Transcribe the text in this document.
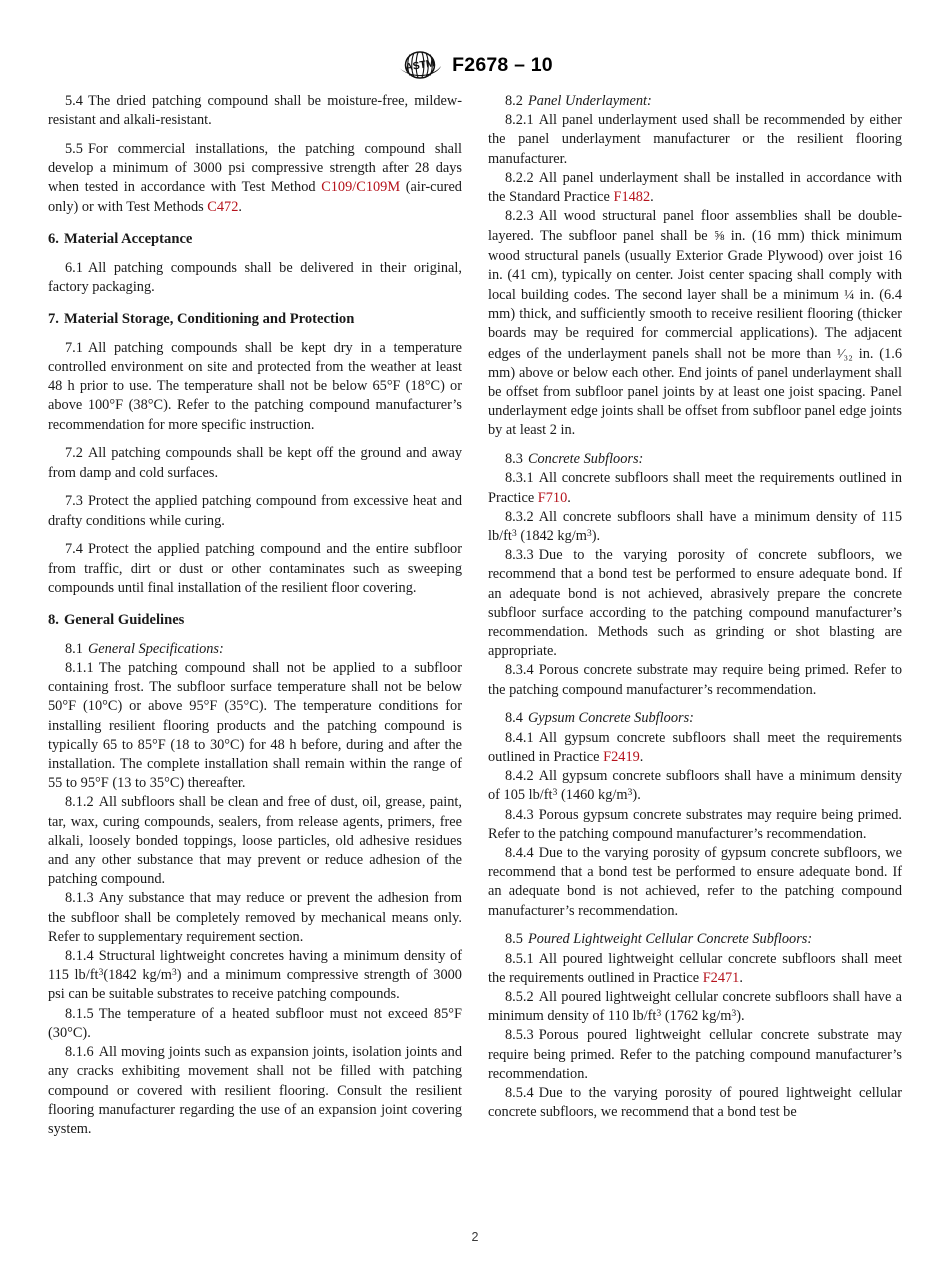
ASTM F2678 – 10

5.4 The dried patching compound shall be moisture-free, mildew-resistant and alkali-resistant.

5.5 For commercial installations, the patching compound shall develop a minimum of 3000 psi compressive strength after 28 days when tested in accordance with Test Method C109/C109M (air-cured only) or with Test Methods C472.

6. Material Acceptance

6.1 All patching compounds shall be delivered in their original, factory packaging.

7. Material Storage, Conditioning and Protection

7.1 All patching compounds shall be kept dry in a temperature controlled environment on site and protected from the weather at least 48 h prior to use. The temperature shall not be below 65°F (18°C) or above 100°F (38°C). Refer to the patching compound manufacturer’s recommendation for more specific instruction.

7.2 All patching compounds shall be kept off the ground and away from damp and cold surfaces.

7.3 Protect the applied patching compound from excessive heat and drafty conditions while curing.

7.4 Protect the applied patching compound and the entire subfloor from traffic, dirt or dust or other contaminates such as sweeping compounds until final installation of the resilient floor covering.

8. General Guidelines

8.1 General Specifications:

8.1.1 The patching compound shall not be applied to a subfloor containing frost. The subfloor surface temperature shall not be below 50°F (10°C) or above 95°F (35°C). The temperature conditions for installing resilient flooring products and the patching compound is typically 65 to 85°F (18 to 30°C) for 48 h before, during and after the installation. The complete installation shall remain within the range of 55 to 95°F (13 to 35°C) thereafter.

8.1.2 All subfloors shall be clean and free of dust, oil, grease, paint, tar, wax, curing compounds, sealers, from release agents, primers, free alkali, loosely bonded toppings, loose particles, old adhesive residues and any other substance that may prevent or reduce adhesion of the patching compound.

8.1.3 Any substance that may reduce or prevent the adhesion from the subfloor shall be completely removed by mechanical means only. Refer to supplementary requirement section.

8.1.4 Structural lightweight concretes having a minimum density of 115 $lb/ft^3(1842$ $kg/m^3$) and a minimum compressive strength of 3000 psi can be suitable substrates to receive patching compounds.

8.1.5 The temperature of a heated subfloor must not exceed 85°F (30°C).

8.1.6 All moving joints such as expansion joints, isolation joints and any cracks exhibiting movement shall not be filled with patching compound or covered with resilient flooring. Consult the resilient flooring manufacturer regarding the use of an expansion joint covering system.

8.2 Panel Underlayment:

8.2.1 All panel underlayment used shall be recommended by either the panel underlayment manufacturer or the resilient flooring manufacturer.

8.2.2 All panel underlayment shall be installed in accordance with the Standard Practice F1482.

8.2.3 All wood structural panel floor assemblies shall be double-layered. The subfloor panel shall be ⅝ in. (16 mm) thick minimum wood structural panels (usually Exterior Grade Plywood) over joist 16 in. (41 cm), typically on center. Joist center spacing shall comply with local building codes. The second layer shall be a minimum ¼ in. (6.4 mm) thick, and sufficiently smooth to receive resilient flooring (thicker boards may be required for commercial applications). The adjacent edges of the underlayment panels shall not be more than ¹⁄₃₂ in. (1.6 mm) above or below each other. End joints of panel underlayment shall be offset from subfloor panel joints by at least one joist spacing. Panel underlayment edge joints shall be offset from subfloor panel edge joints by at least 2 in.

8.3 Concrete Subfloors:

8.3.1 All concrete subfloors shall meet the requirements outlined in Practice F710.

8.3.2 All concrete subfloors shall have a minimum density of 115 $lb/ft^3$ (1842 $kg/m^3$).

8.3.3 Due to the varying porosity of concrete subfloors, we recommend that a bond test be performed to ensure adequate bond. If an adequate bond is not achieved, abrasively prepare the concrete subfloor surface according to the patching compound manufacturer’s recommendation. Methods such as grinding or shot blasting are appropriate.

8.3.4 Porous concrete substrate may require being primed. Refer to the patching compound manufacturer’s recommendation.

8.4 Gypsum Concrete Subfloors:

8.4.1 All gypsum concrete subfloors shall meet the requirements outlined in Practice F2419.

8.4.2 All gypsum concrete subfloors shall have a minimum density of 105 $lb/ft^3$ (1460 $kg/m^3$).

8.4.3 Porous gypsum concrete substrates may require being primed. Refer to the patching compound manufacturer’s recommendation.

8.4.4 Due to the varying porosity of gypsum concrete subfloors, we recommend that a bond test be performed to ensure adequate bond. If an adequate bond is not achieved, refer to the patching compound manufacturer’s recommendation.

8.5 Poured Lightweight Cellular Concrete Subfloors:

8.5.1 All poured lightweight cellular concrete subfloors shall meet the requirements outlined in Practice F2471.

8.5.2 All poured lightweight cellular concrete subfloors shall have a minimum density of 110 $lb/ft^3$ (1762 $kg/m^3$).

8.5.3 Porous poured lightweight cellular concrete substrate may require being primed. Refer to the patching compound manufacturer’s recommendation.

8.5.4 Due to the varying porosity of poured lightweight cellular concrete subfloors, we recommend that a bond test be

2
